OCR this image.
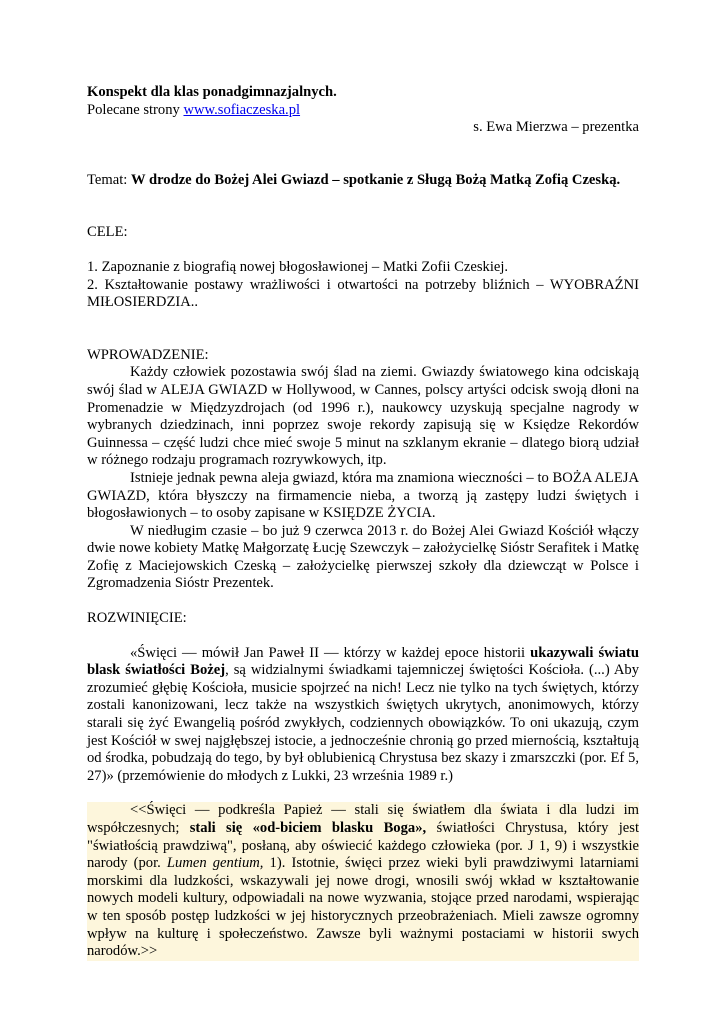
Konspekt dla klas ponadgimnazjalnych.

Polecane strony www.sofiaczeska.pl

s. Ewa Mierzwa – prezentka

Temat: W drodze do Bożej Alei Gwiazd – spotkanie z Sługą Bożą Matką Zofią Czeską.

CELE:

1. Zapoznanie z biografią nowej błogosławionej – Matki Zofii Czeskiej.

2. Kształtowanie postawy wrażliwości i otwartości na potrzeby bliźnich – WYOBRAŹNI MIŁOSIERDZIA..

WPROWADZENIE:

Każdy człowiek pozostawia swój ślad na ziemi. Gwiazdy światowego kina odciskają swój ślad w ALEJA GWIAZD w Hollywood, w Cannes, polscy artyści odcisk swoją dłoni na Promenadzie w Międzyzdrojach (od 1996 r.), naukowcy uzyskują specjalne nagrody w wybranych dziedzinach, inni poprzez swoje rekordy zapisują się w Księdze Rekordów Guinnessa – część ludzi chce mieć swoje 5 minut na szklanym ekranie – dlatego biorą udział w różnego rodzaju programach rozrywkowych, itp.

Istnieje jednak pewna aleja gwiazd, która ma znamiona wieczności – to BOŻA ALEJA GWIAZD, która błyszczy na firmamencie nieba, a tworzą ją zastępy ludzi świętych i błogosławionych – to osoby zapisane w KSIĘDZE ŻYCIA.

W niedługim czasie – bo już 9 czerwca 2013 r. do Bożej Alei Gwiazd Kościół włączy dwie nowe kobiety Matkę Małgorzatę Łucję Szewczyk – założycielkę Sióstr Serafitek i Matkę Zofię z Maciejowskich Czeską – założycielkę pierwszej szkoły dla dziewcząt w Polsce i Zgromadzenia Sióstr Prezentek.

ROZWINIĘCIE:

«Święci — mówił Jan Paweł II — którzy w każdej epoce historii ukazywali światu blask światłości Bożej, są widzialnymi świadkami tajemniczej świętości Kościoła. (...) Aby zrozumieć głębię Kościoła, musicie spojrzeć na nich! Lecz nie tylko na tych świętych, którzy zostali kanonizowani, lecz także na wszystkich świętych ukrytych, anonimowych, którzy starali się żyć Ewangelią pośród zwykłych, codziennych obowiązków. To oni ukazują, czym jest Kościół w swej najgłębszej istocie, a jednocześnie chronią go przed miernością, kształtują od środka, pobudzają do tego, by był oblubienicą Chrystusa bez skazy i zmarszczki (por. Ef 5, 27)» (przemówienie do młodych z Lukki, 23 września 1989 r.)

<<Święci — podkreśla Papież — stali się światłem dla świata i dla ludzi im współczesnych; stali się «od-biciem blasku Boga», światłości Chrystusa, który jest "światłością prawdziwą", posłaną, aby oświecić każdego człowieka (por. J 1, 9) i wszystkie narody (por. Lumen gentium, 1). Istotnie, święci przez wieki byli prawdziwymi latarniami morskimi dla ludzkości, wskazywali jej nowe drogi, wnosili swój wkład w kształtowanie nowych modeli kultury, odpowiadali na nowe wyzwania, stojące przed narodami, wspierając w ten sposób postęp ludzkości w jej historycznych przeobrażeniach. Mieli zawsze ogromny wpływ na kulturę i społeczeństwo. Zawsze byli ważnymi postaciami w historii swych narodów.>>
